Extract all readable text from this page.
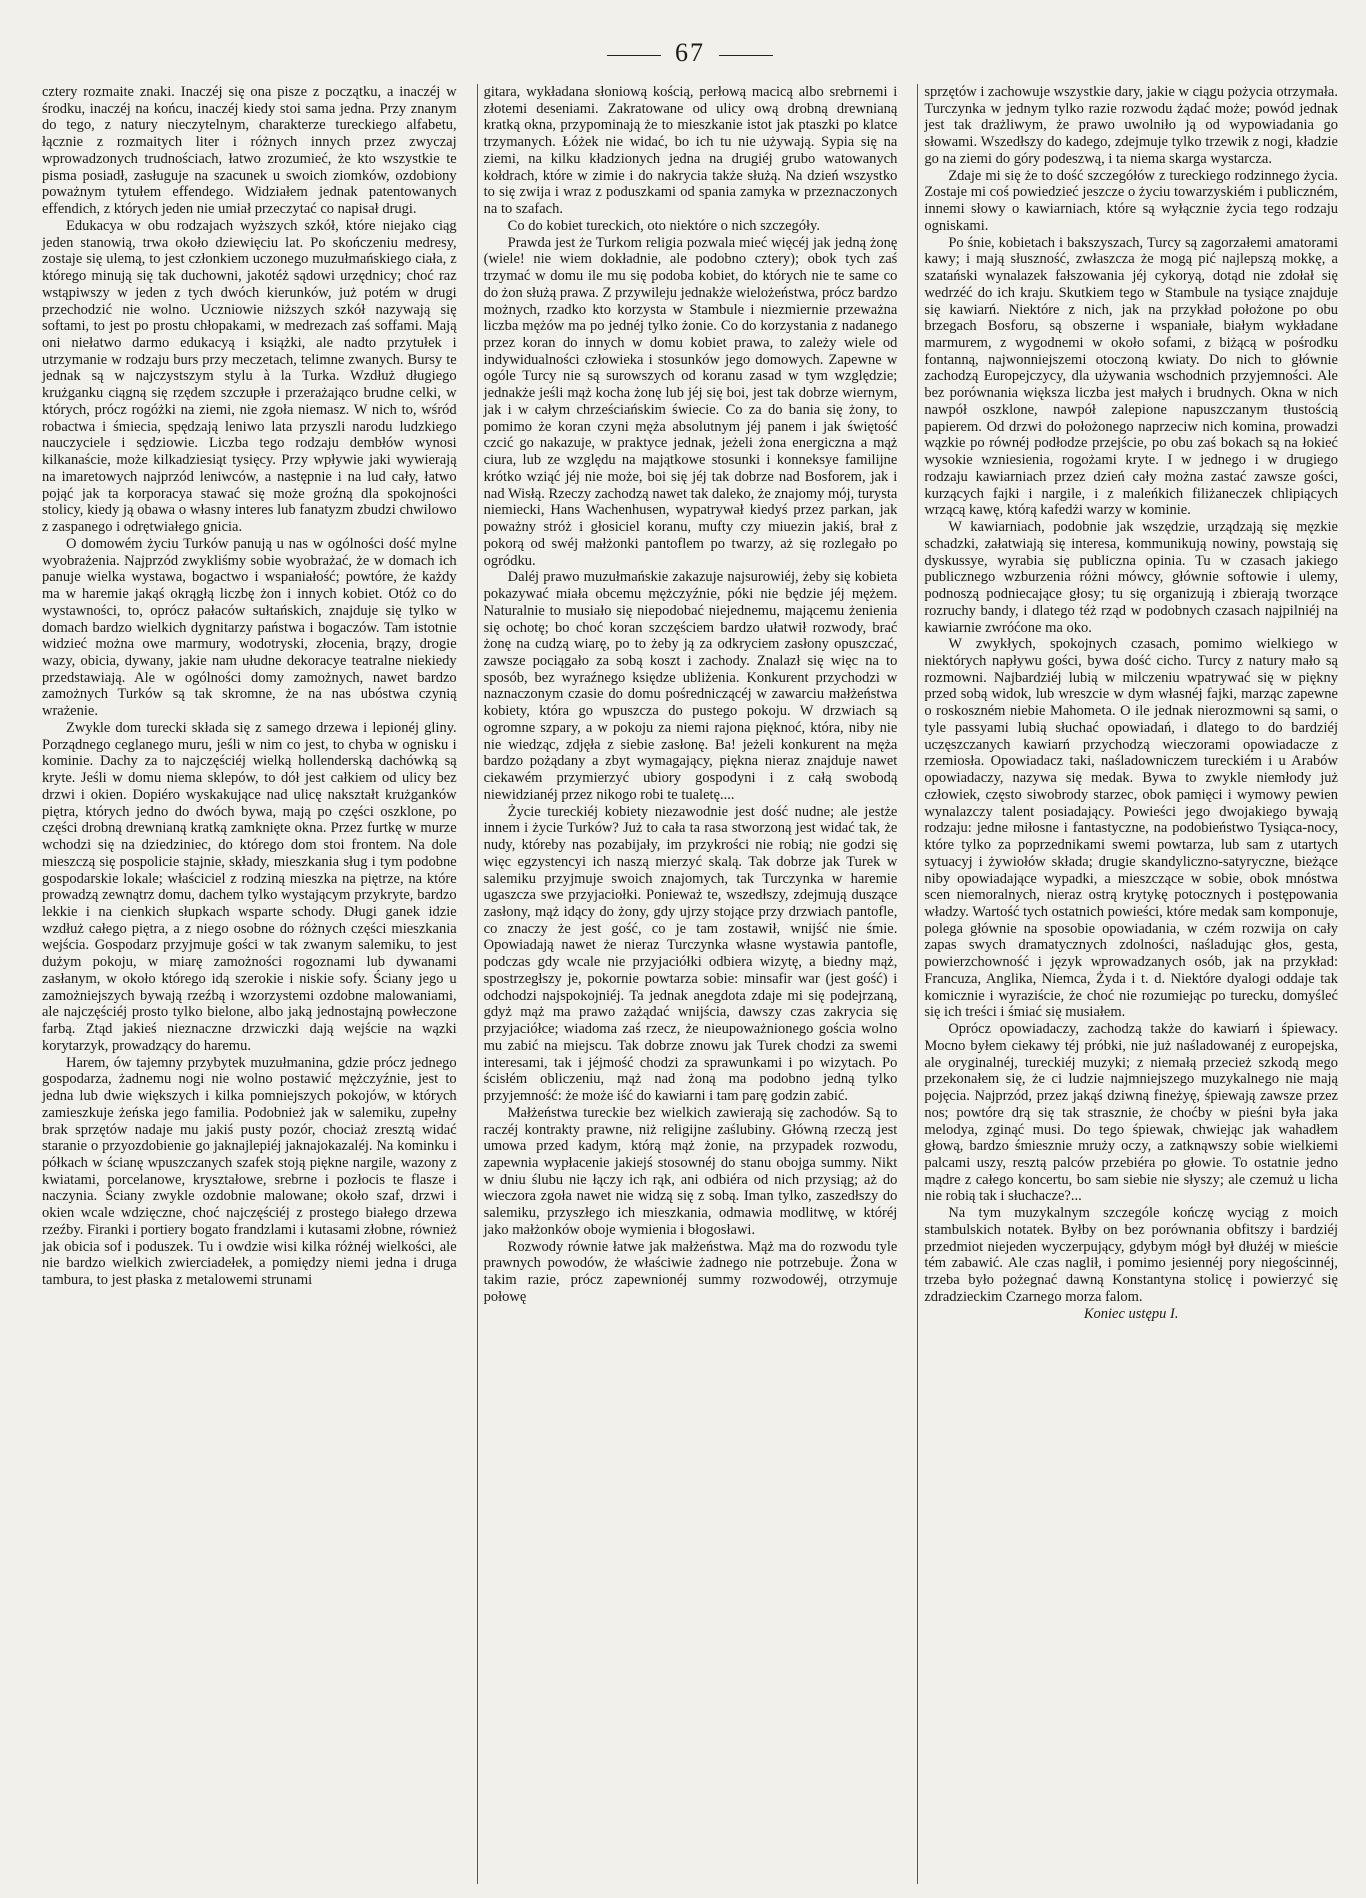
67

cztery rozmaite znaki. Inaczéj się ona pisze z początku, a inaczéj w środku, inaczéj na końcu, inaczéj kiedy stoi sama jedna. Przy znanym do tego, z natury nieczytelnym, charakterze tureckiego alfabetu, łącznie z rozmaitych liter i różnych innych przez zwyczaj wprowadzonych trudnościach, łatwo zrozumieć, że kto wszystkie te pisma posiadł, zasługuje na szacunek u swoich ziomków, ozdobiony poważnym tytułem effendego. Widziałem jednak patentowanych effendich, z których jeden nie umiał przeczytać co napisał drugi.

Edukacya w obu rodzajach wyższych szkół, które niejako ciąg jeden stanowią, trwa około dziewięciu lat. Po skończeniu medresy, zostaje się ulemą, to jest członkiem uczonego muzułmańskiego ciała, z którego minują się tak duchowni, jakotéż sądowi urzędnicy; choć raz wstąpiwszy w jeden z tych dwóch kierunków, już potém w drugi przechodzić nie wolno. Uczniowie niższych szkół nazywają się softami, to jest po prostu chłopakami, w medrezach zaś soffami. Mają oni niełatwo darmo edukacyą i książki, ale nadto przytułek i utrzymanie w rodzaju burs przy meczetach, telimne zwanych. Bursy te jednak są w najczystszym stylu à la Turka. Wzdłuż długiego krużganku ciągną się rzędem szczupłe i przerażająco brudne celki, w których, prócz rogóżki na ziemi, nie zgoła niemasz. W nich to, wśród robactwa i śmiecia, spędzają leniwo lata przyszli narodu ludzkiego nauczyciele i sędziowie. Liczba tego rodzaju dembłów wynosi kilkanaście, może kilkadziesiąt tysięcy. Przy wpływie jaki wywierają na imaretowych najprzód leniwców, a następnie i na lud cały, łatwo pojąć jak ta korporacya stawać się może groźną dla spokojności stolicy, kiedy ją obawa o własny interes lub fanatyzm zbudzi chwilowo z zaspanego i odrętwiałego gnicia.

O domowém życiu Turków panują u nas w ogólności dość mylne wyobrażenia. Najprzód zwykliśmy sobie wyobrażać, że w domach ich panuje wielka wystawa, bogactwo i wspaniałość; powtóre, że każdy ma w haremie jakąś okrągłą liczbę żon i innych kobiet. Otóż co do wystawności, to, oprócz pałaców sułtańskich, znajduje się tylko w domach bardzo wielkich dygnitarzy państwa i bogaczów. Tam istotnie widzieć można owe marmury, wodotryski, złocenia, brązy, drogie wazy, obicia, dywany, jakie nam ułudne dekoracye teatralne niekiedy przedstawiają. Ale w ogólności domy zamożnych, nawet bardzo zamożnych Turków są tak skromne, że na nas ubóstwa czynią wrażenie.

Zwykle dom turecki składa się z samego drzewa i lepionéj gliny. Porządnego ceglanego muru, jeśli w nim co jest, to chyba w ognisku i kominie. Dachy za to najczęściéj wielką hollenderską dachówką są kryte. Jeśli w domu niema sklepów, to dół jest całkiem od ulicy bez drzwi i okien. Dopiéro wyskakujące nad ulicę nakształt krużganków piętra, których jedno do dwóch bywa, mają po części oszklone, po części drobną drewnianą kratką zamknięte okna. Przez furtkę w murze wchodzi się na dziedziniec, do którego dom stoi frontem. Na dole mieszczą się pospolicie stajnie, składy, mieszkania sług i tym podobne gospodarskie lokale; właściciel z rodziną mieszka na piętrze, na które prowadzą zewnątrz domu, dachem tylko wystającym przykryte, bardzo lekkie i na cienkich słupkach wsparte schody. Długi ganek idzie wzdłuż całego piętra, a z niego osobne do różnych części mieszkania wejścia. Gospodarz przyjmuje gości w tak zwanym salemiku, to jest dużym pokoju, w miarę zamożności rogoznami lub dywanami zasłanym, w około którego idą szerokie i niskie sofy. Ściany jego u zamożniejszych bywają rzeźbą i wzorzystemi ozdobne malowaniami, ale najczęściéj prosto tylko bielone, albo jaką jednostajną powłeczone farbą. Ztąd jakieś nieznaczne drzwiczki dają wejście na wązki korytarzyk, prowadzący do haremu.

Harem, ów tajemny przybytek muzułmanina, gdzie prócz jednego gospodarza, żadnemu nogi nie wolno postawić mężczyźnie, jest to jedna lub dwie większych i kilka pomniejszych pokojów, w których zamieszkuje żeńska jego familia. Podobnież jak w salemiku, zupełny brak sprzętów nadaje mu jakiś pusty pozór, chociaż zresztą widać staranie o przyozdobienie go jaknajlepiéj jaknajokazaléj. Na kominku i półkach w ścianę wpuszczanych szafek stoją piękne nargile, wazony z kwiatami, porcelanowe, kryształowe, srebrne i pozłocis te flasze i naczynia. Ściany zwykle ozdobnie malowane; około szaf, drzwi i okien wcale wdzięczne, choć najczęściéj z prostego białego drzewa rzeźby. Firanki i portiery bogato frandzlami i kutasami złobne, również jak obicia sof i poduszek. Tu i owdzie wisi kilka różnéj wielkości, ale nie bardzo wielkich zwierciadełek, a pomiędzy niemi jedna i druga tambura, to jest płaska z metalowemi strunami

gitara, wykładana słoniową kością, perłową macicą albo srebrnemi i złotemi deseniami. Zakratowane od ulicy ową drobną drewnianą kratką okna, przypominają że to mieszkanie istot jak ptaszki po klatce trzymanych. Łóżek nie widać, bo ich tu nie używają. Sypia się na ziemi, na kilku kładzionych jedna na drugiéj grubo watowanych kołdrach, które w zimie i do nakrycia także służą. Na dzień wszystko to się zwija i wraz z poduszkami od spania zamyka w przeznaczonych na to szafach.

Co do kobiet tureckich, oto niektóre o nich szczegóły.

Prawda jest że Turkom religia pozwala mieć więcéj jak jedną żonę (wiele! nie wiem dokładnie, ale podobno cztery); obok tych zaś trzymać w domu ile mu się podoba kobiet, do których nie te same co do żon służą prawa. Z przywileju jednakże wielożeństwa, prócz bardzo możnych, rzadko kto korzysta w Stambule i niezmiernie przeważna liczba mężów ma po jednéj tylko żonie. Co do korzystania z nadanego przez koran do innych w domu kobiet prawa, to zależy wiele od indywidualności człowieka i stosunków jego domowych. Zapewne w ogóle Turcy nie są surowszych od koranu zasad w tym względzie; jednakże jeśli mąż kocha żonę lub jéj się boi, jest tak dobrze wiernym, jak i w całym chrześciańskim świecie. Co za do bania się żony, to pomimo że koran czyni męża absolutnym jéj panem i jak świętość czcić go nakazuje, w praktyce jednak, jeżeli żona energiczna a mąż ciura, lub ze względu na majątkowe stosunki i konneksye familijne krótko wziąć jéj nie może, boi się jéj tak dobrze nad Bosforem, jak i nad Wisłą. Rzeczy zachodzą nawet tak daleko, że znajomy mój, turysta niemiecki, Hans Wachenhusen, wypatrywał kiedyś przez parkan, jak poważny stróż i głosiciel koranu, mufty czy miuezin jakiś, brał z pokorą od swéj małżonki pantoflem po twarzy, aż się rozlegało po ogródku.

Daléj prawo muzułmańskie zakazuje najsurowiéj, żeby się kobieta pokazywać miała obcemu mężczyźnie, póki nie będzie jéj mężem. Naturalnie to musiało się niepodobać niejednemu, mającemu żenienia się ochotę; bo choć koran szczęściem bardzo ułatwił rozwody, brać żonę na cudzą wiarę, po to żeby ją za odkryciem zasłony opuszczać, zawsze pociągało za sobą koszt i zachody. Znalazł się więc na to sposób, bez wyraźnego księdze ubliżenia. Konkurent przychodzi w naznaczonym czasie do domu pośredniczącéj w zawarciu małżeństwa kobiety, która go wpuszcza do pustego pokoju. W drzwiach są ogromne szpary, a w pokoju za niemi rajona pięknoć, która, niby nie nie wiedząc, zdjęła z siebie zasłonę. Ba! jeżeli konkurent na męża bardzo pożądany a zbyt wymagający, piękna nieraz znajduje nawet ciekawém przymierzyć ubiory gospodyni i z całą swobodą niewidzianéj przez nikogo robi te tualetę....

Życie tureckiéj kobiety niezawodnie jest dość nudne; ale jestże innem i życie Turków? Już to cała ta rasa stworzoną jest widać tak, że nudy, któreby nas pozabijały, im przykrości nie robią; nie godzi się więc egzystencyi ich naszą mierzyć skalą. Tak dobrze jak Turek w salemiku przyjmuje swoich znajomych, tak Turczynka w haremie ugaszcza swe przyjaciołki. Ponieważ te, wszedłszy, zdejmują duszące zasłony, mąż idący do żony, gdy ujrzy stojące przy drzwiach pantofle, co znaczy że jest gość, co je tam zostawił, wnijść nie śmie. Opowiadają nawet że nieraz Turczynka własne wystawia pantofle, podczas gdy wcale nie przyjaciółki odbiera wizytę, a biedny mąż, spostrzegłszy je, pokornie powtarza sobie: minsafir war (jest gość) i odchodzi najspokojniéj. Ta jednak anegdota zdaje mi się podejrzaną, gdyż mąż ma prawo zażądać wnijścia, dawszy czas zakrycia się przyjaciółce; wiadoma zaś rzecz, że nieupoważnionego gościa wolno mu zabić na miejscu. Tak dobrze znowu jak Turek chodzi za swemi interesami, tak i jéjmość chodzi za sprawunkami i po wizytach. Po ścisłém obliczeniu, mąż nad żoną ma podobno jedną tylko przyjemność: że może iść do kawiarni i tam parę godzin zabić.

Małżeństwa tureckie bez wielkich zawierają się zachodów. Są to raczéj kontrakty prawne, niż religijne zaślubiny. Główną rzeczą jest umowa przed kadym, którą mąż żonie, na przypadek rozwodu, zapewnia wypłacenie jakiejś stosownéj do stanu obojga summy. Nikt w dniu ślubu nie łączy ich rąk, ani odbiéra od nich przysiąg; aż do wieczora zgoła nawet nie widzą się z sobą. Iman tylko, zaszedłszy do salemiku, przyszłego ich mieszkania, odmawia modlitwę, w któréj jako małżonków oboje wymienia i błogosławi.

Rozwody równie łatwe jak małżeństwa. Mąż ma do rozwodu tyle prawnych powodów, że właściwie żadnego nie potrzebuje. Żona w takim razie, prócz zapewnionéj summy rozwodowéj, otrzymuje połowę

sprzętów i zachowuje wszystkie dary, jakie w ciągu pożycia otrzymała. Turczynka w jednym tylko razie rozwodu żądać może; powód jednak jest tak drażliwym, że prawo uwolniło ją od wypowiadania go słowami. Wszedłszy do kadego, zdejmuje tylko trzewik z nogi, kładzie go na ziemi do góry podeszwą, i ta niema skarga wystarcza.

Zdaje mi się że to dość szczegółów z tureckiego rodzinnego życia. Zostaje mi coś powiedzieć jeszcze o życiu towarzyskiém i publiczném, innemi słowy o kawiarniach, które są wyłącznie życia tego rodzaju ogniskami.

Po śnie, kobietach i bakszyszach, Turcy są zagorzałemi amatorami kawy; i mają słuszność, zwłaszcza że mogą pić najlepszą mokkę, a szatański wynalazek fałszowania jéj cykoryą, dotąd nie zdołał się wedrzéć do ich kraju. Skutkiem tego w Stambule na tysiące znajduje się kawiarń. Niektóre z nich, jak na przykład położone po obu brzegach Bosforu, są obszerne i wspaniałe, białym wykładane marmurem, z wygodnemi w około sofami, z biżącą w pośrodku fontanną, najwonniejszemi otoczoną kwiaty. Do nich to głównie zachodzą Europejczycy, dla używania wschodnich przyjemności. Ale bez porównania większa liczba jest małych i brudnych. Okna w nich nawpół oszklone, nawpół zalepione napuszczanym tłustością papierem. Od drzwi do położonego naprzeciw nich komina, prowadzi wązkie po równéj podłodze przejście, po obu zaś bokach są na łokieć wysokie wzniesienia, rogożami kryte. I w jednego i w drugiego rodzaju kawiarniach przez dzień cały można zastać zawsze gości, kurzących fajki i nargile, i z maleńkich filiżaneczek chlipiących wrzącą kawę, którą kafedżi warzy w kominie.

W kawiarniach, podobnie jak wszędzie, urządzają się męzkie schadzki, załatwiają się interesa, kommunikują nowiny, powstają się dyskussye, wyrabia się publiczna opinia. Tu w czasach jakiego publicznego wzburzenia różni mówcy, głównie softowie i ulemy, podnoszą podniecające głosy; tu się organizują i zbierają tworzące rozruchy bandy, i dlatego téż rząd w podobnych czasach najpilniéj na kawiarnie zwróćone ma oko.

W zwykłych, spokojnych czasach, pomimo wielkiego w niektórych napływu gości, bywa dość cicho. Turcy z natury mało są rozmowni. Najbardziéj lubią w milczeniu wpatrywać się w piękny przed sobą widok, lub wreszcie w dym własnéj fajki, marząc zapewne o roskoszném niebie Mahometa. O ile jednak nierozmowni są sami, o tyle passyami lubią słuchać opowiadań, i dlatego to do bardziéj uczęszczanych kawiarń przychodzą wieczorami opowiadacze z rzemiosła. Opowiadacz taki, naśladowniczem tureckiém i u Arabów opowiadaczy, nazywa się medak. Bywa to zwykle niemłody już człowiek, często siwobrody starzec, obok pamięci i wymowy pewien wynalazczy talent posiadający. Powieści jego dwojakiego bywają rodzaju: jedne miłosne i fantastyczne, na podobieństwo Tysiąca-nocy, które tylko za poprzednikami swemi powtarza, lub sam z utartych sytuacyj i żywiołów składa; drugie skandyliczno-satyryczne, bieżące niby opowiadające wypadki, a mieszczące w sobie, obok mnóstwa scen niemoralnych, nieraz ostrą krytykę potocznych i postępowania władzy. Wartość tych ostatnich powieści, które medak sam komponuje, polega głównie na sposobie opowiadania, w czém rozwija on cały zapas swych dramatycznych zdolności, naśladując głos, gesta, powierzchowność i język wprowadzanych osób, jak na przykład: Francuza, Anglika, Niemca, Żyda i t. d. Niektóre dyalogi oddaje tak komicznie i wyraziście, że choć nie rozumiejąc po turecku, domyśleć się ich treści i śmiać się musiałem.

Oprócz opowiadaczy, zachodzą także do kawiarń i śpiewacy. Mocno byłem ciekawy téj próbki, nie już naśladowanéj z europejska, ale oryginalnéj, tureckiéj muzyki; z niemałą przecież szkodą mego przekonałem się, że ci ludzie najmniejszego muzykalnego nie mają pojęcia. Najprzód, przez jakąś dziwną fineżyę, śpiewają zawsze przez nos; powtóre drą się tak strasznie, że choćby w pieśni była jaka melodya, zginąć musi. Do tego śpiewak, chwiejąc jak wahadłem głową, bardzo śmiesznie mruży oczy, a zatknąwszy sobie wielkiemi palcami uszy, resztą palców przebiéra po głowie. To ostatnie jedno mądre z całego koncertu, bo sam siebie nie słyszy; ale czemuż u licha nie robią tak i słuchacze?...

Na tym muzykalnym szczególe kończę wyciąg z moich stambulskich notatek. Byłby on bez porównania obfitszy i bardziéj przedmiot niejeden wyczerpujący, gdybym mógł był dłużéj w mieście tém zabawić. Ale czas naglił, i pomimo jesiennéj pory niegościnnéj, trzeba było pożegnać dawną Konstantyna stolicę i powierzyć się zdradzieckim Czarnego morza falom.

Koniec ustępu I.
